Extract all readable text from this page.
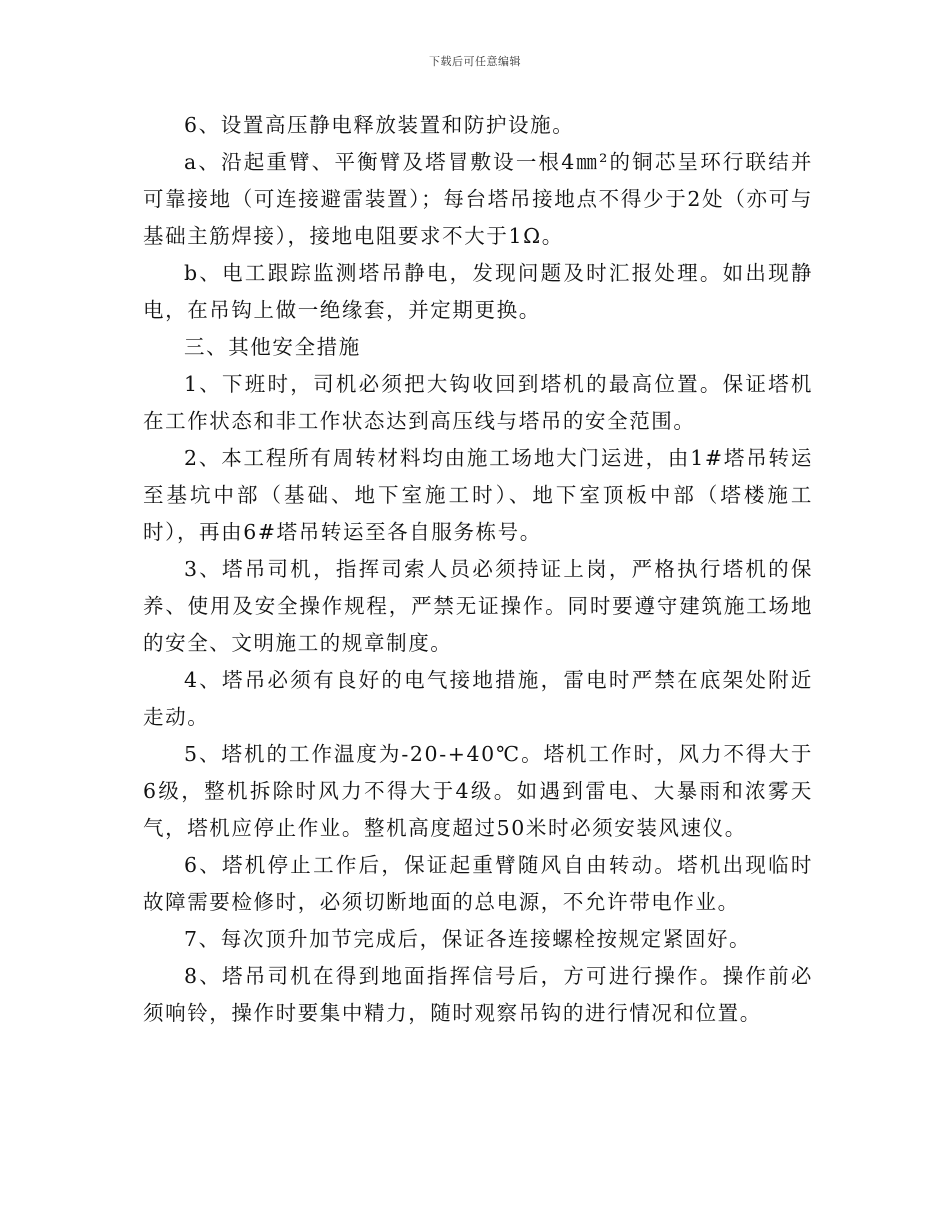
下载后可任意编辑

6、设置高压静电释放装置和防护设施。

a、沿起重臂、平衡臂及塔冒敷设一根4㎜²的铜芯呈环行联结并可靠接地（可连接避雷装置）；每台塔吊接地点不得少于2处（亦可与基础主筋焊接），接地电阻要求不大于1Ω。

b、电工跟踪监测塔吊静电，发现问题及时汇报处理。如出现静电，在吊钩上做一绝缘套，并定期更换。

三、其他安全措施

1、下班时，司机必须把大钩收回到塔机的最高位置。保证塔机在工作状态和非工作状态达到高压线与塔吊的安全范围。

2、本工程所有周转材料均由施工场地大门运进，由1#塔吊转运至基坑中部（基础、地下室施工时）、地下室顶板中部（塔楼施工时），再由6#塔吊转运至各自服务栋号。

3、塔吊司机，指挥司索人员必须持证上岗，严格执行塔机的保养、使用及安全操作规程，严禁无证操作。同时要遵守建筑施工场地的安全、文明施工的规章制度。

4、塔吊必须有良好的电气接地措施，雷电时严禁在底架处附近走动。

5、塔机的工作温度为-20-+40℃。塔机工作时，风力不得大于6级，整机拆除时风力不得大于4级。如遇到雷电、大暴雨和浓雾天气，塔机应停止作业。整机高度超过50米时必须安装风速仪。

6、塔机停止工作后，保证起重臂随风自由转动。塔机出现临时故障需要检修时，必须切断地面的总电源，不允许带电作业。

7、每次顶升加节完成后，保证各连接螺栓按规定紧固好。

8、塔吊司机在得到地面指挥信号后，方可进行操作。操作前必须响铃，操作时要集中精力，随时观察吊钩的进行情况和位置。
